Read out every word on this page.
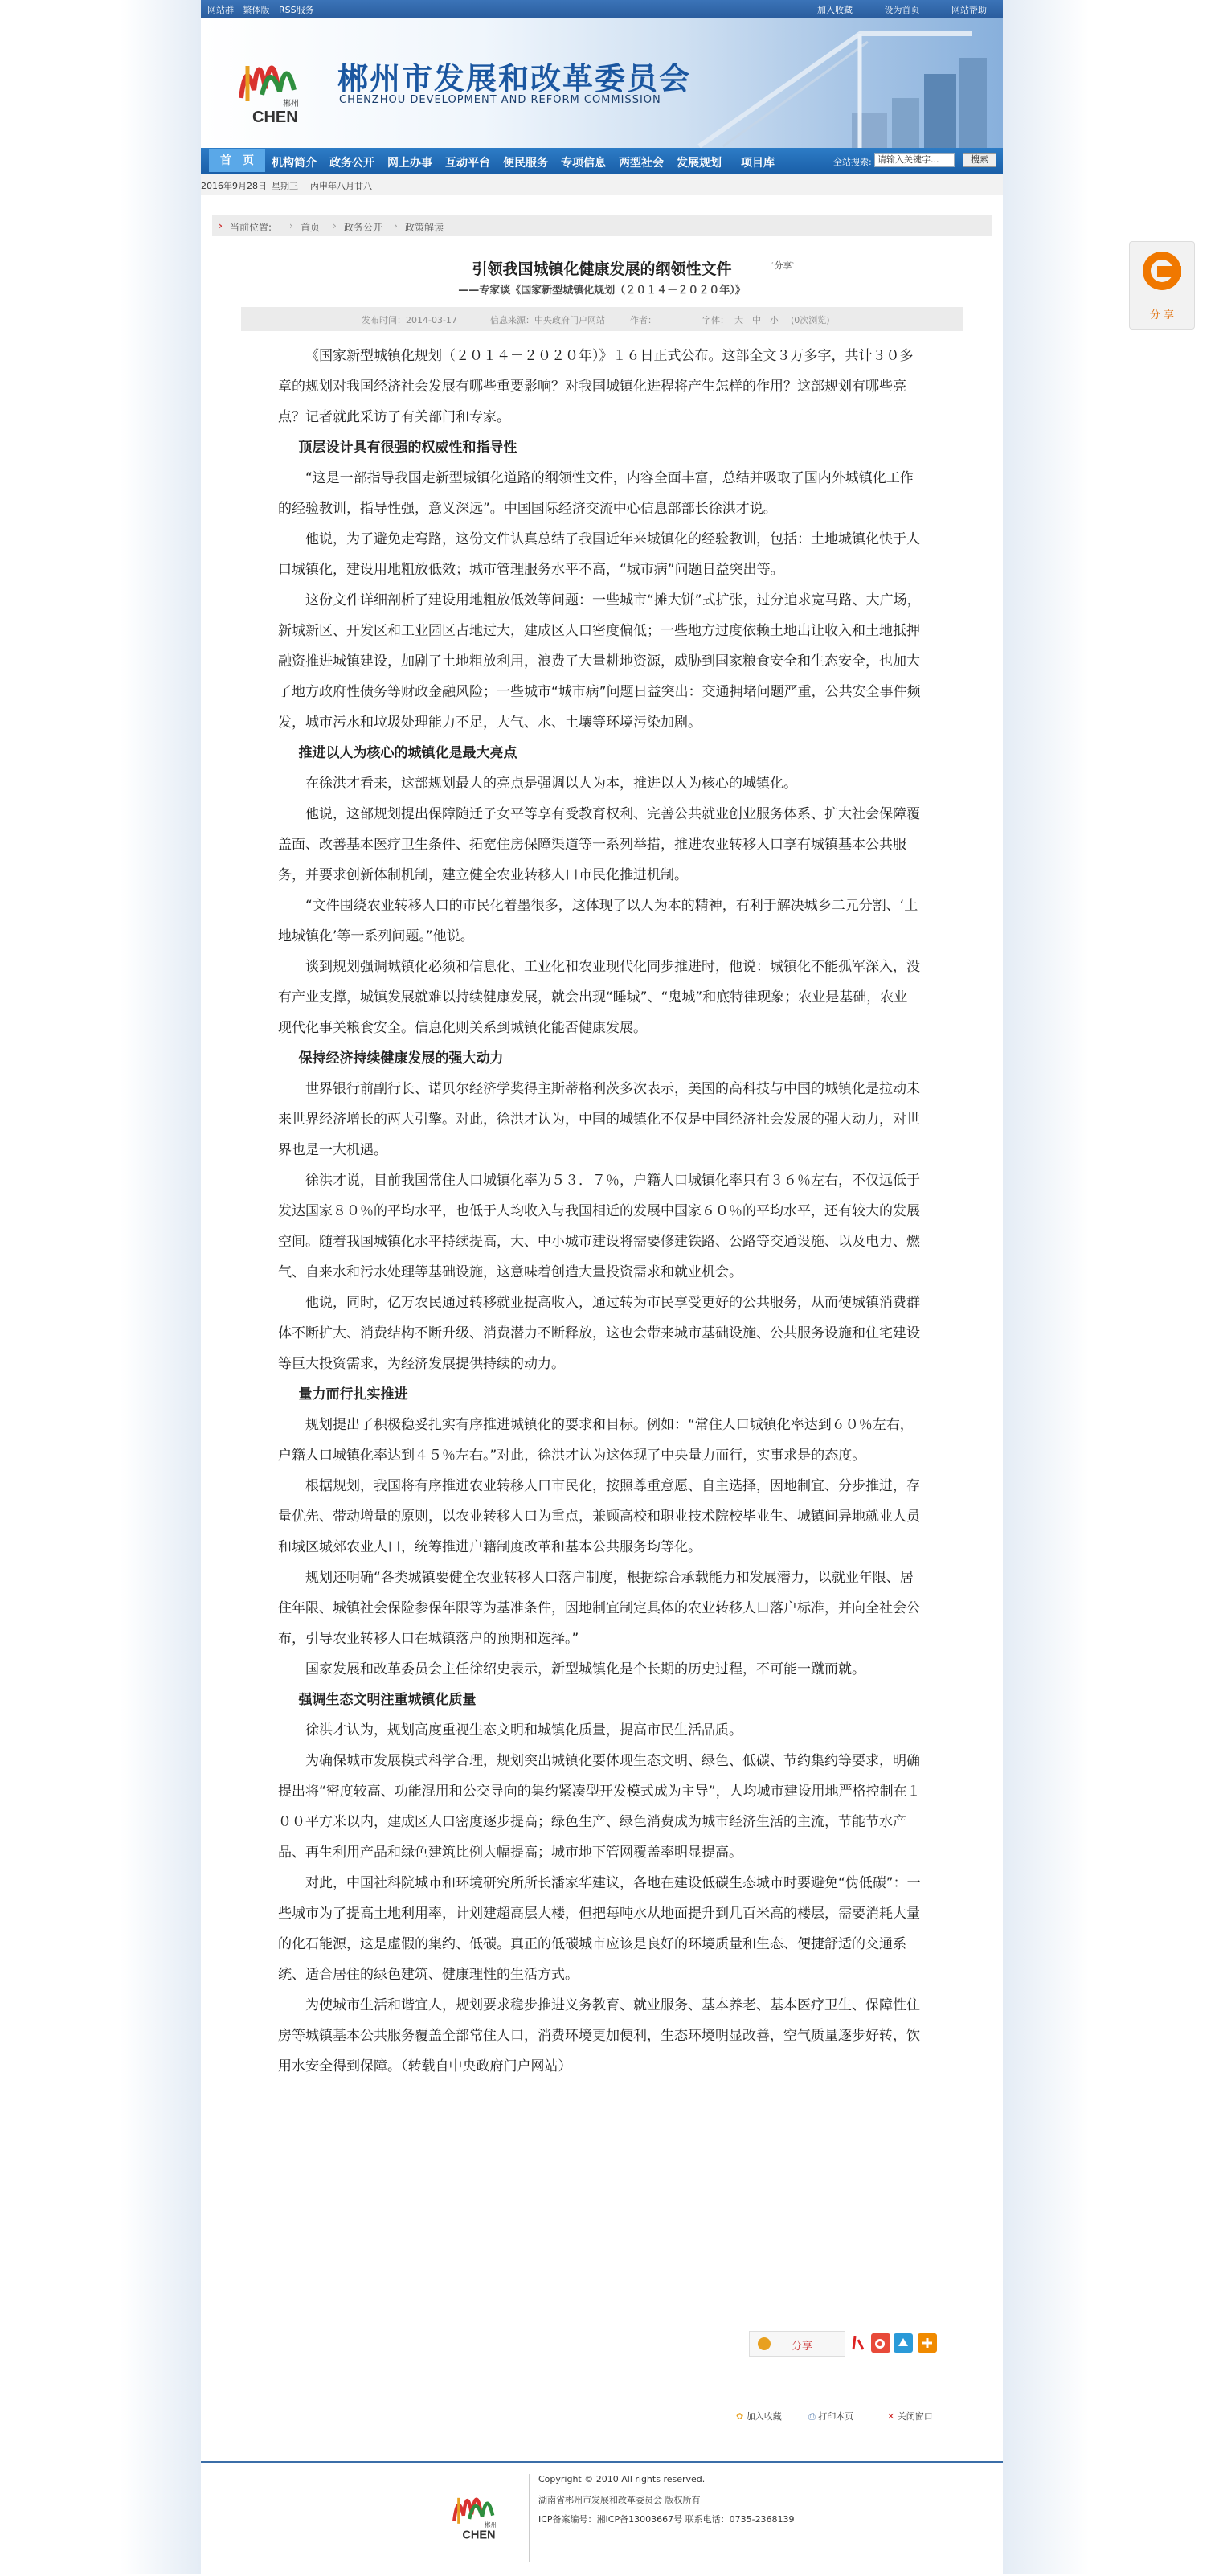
网站群 繁体版 RSS服务	加入收藏	设为首页	网站帮助
郴州
CHEN
郴州市发展和改革委员会
CHENZHOU DEVELOPMENT AND REFORM COMMISSION
首　页	机构简介 政务公开 网上办事 互动平台 便民服务 专项信息 两型社会 发展规划 项目库	全站搜索: 请输入关键字...	搜索
2016年9月28日 星期三 丙申年八月廿八
› 当前位置: › 首页 › 政务公开 › 政策解读
引领我国城镇化健康发展的纲领性文件	ʿ分享ʾ
——专家谈《国家新型城镇化规划（２０１４－２０２０年）》
发布时间：2014-03-17	信息来源：中央政府门户网站	作者：	字体： 大 中 小 (0次浏览)

《国家新型城镇化规划（２０１４－２０２０年）》１６日正式公布。这部全文３万多字，共计３０多章的规划对我国经济社会发展有哪些重要影响？对我国城镇化进程将产生怎样的作用？这部规划有哪些亮点？记者就此采访了有关部门和专家。

顶层设计具有很强的权威性和指导性

“这是一部指导我国走新型城镇化道路的纲领性文件，内容全面丰富，总结并吸取了国内外城镇化工作的经验教训，指导性强，意义深远”。中国国际经济交流中心信息部部长徐洪才说。

他说，为了避免走弯路，这份文件认真总结了我国近年来城镇化的经验教训，包括：土地城镇化快于人口城镇化，建设用地粗放低效；城市管理服务水平不高，“城市病”问题日益突出等。

这份文件详细剖析了建设用地粗放低效等问题：一些城市“摊大饼”式扩张，过分追求宽马路、大广场，新城新区、开发区和工业园区占地过大，建成区人口密度偏低；一些地方过度依赖土地出让收入和土地抵押融资推进城镇建设，加剧了土地粗放利用，浪费了大量耕地资源，威胁到国家粮食安全和生态安全，也加大了地方政府性债务等财政金融风险；一些城市“城市病”问题日益突出：交通拥堵问题严重，公共安全事件频发，城市污水和垃圾处理能力不足，大气、水、土壤等环境污染加剧。

推进以人为核心的城镇化是最大亮点

在徐洪才看来，这部规划最大的亮点是强调以人为本，推进以人为核心的城镇化。

他说，这部规划提出保障随迁子女平等享有受教育权利、完善公共就业创业服务体系、扩大社会保障覆盖面、改善基本医疗卫生条件、拓宽住房保障渠道等一系列举措，推进农业转移人口享有城镇基本公共服务，并要求创新体制机制，建立健全农业转移人口市民化推进机制。

“文件围绕农业转移人口的市民化着墨很多，这体现了以人为本的精神，有利于解决城乡二元分割、‘土地城镇化’等一系列问题。”他说。

谈到规划强调城镇化必须和信息化、工业化和农业现代化同步推进时，他说：城镇化不能孤军深入，没有产业支撑，城镇发展就难以持续健康发展，就会出现“睡城”、“鬼城”和底特律现象；农业是基础，农业现代化事关粮食安全。信息化则关系到城镇化能否健康发展。

保持经济持续健康发展的强大动力

世界银行前副行长、诺贝尔经济学奖得主斯蒂格利茨多次表示，美国的高科技与中国的城镇化是拉动未来世界经济增长的两大引擎。对此，徐洪才认为，中国的城镇化不仅是中国经济社会发展的强大动力，对世界也是一大机遇。

徐洪才说，目前我国常住人口城镇化率为５３．７％，户籍人口城镇化率只有３６％左右，不仅远低于发达国家８０％的平均水平，也低于人均收入与我国相近的发展中国家６０％的平均水平，还有较大的发展空间。随着我国城镇化水平持续提高，大、中小城市建设将需要修建铁路、公路等交通设施、以及电力、燃气、自来水和污水处理等基础设施，这意味着创造大量投资需求和就业机会。

他说，同时，亿万农民通过转移就业提高收入，通过转为市民享受更好的公共服务，从而使城镇消费群体不断扩大、消费结构不断升级、消费潜力不断释放，这也会带来城市基础设施、公共服务设施和住宅建设等巨大投资需求，为经济发展提供持续的动力。

量力而行扎实推进

规划提出了积极稳妥扎实有序推进城镇化的要求和目标。例如：“常住人口城镇化率达到６０％左右，户籍人口城镇化率达到４５％左右。”对此，徐洪才认为这体现了中央量力而行，实事求是的态度。

根据规划，我国将有序推进农业转移人口市民化，按照尊重意愿、自主选择，因地制宜、分步推进，存量优先、带动增量的原则，以农业转移人口为重点，兼顾高校和职业技术院校毕业生、城镇间异地就业人员和城区城郊农业人口，统筹推进户籍制度改革和基本公共服务均等化。

规划还明确“各类城镇要健全农业转移人口落户制度，根据综合承载能力和发展潜力，以就业年限、居住年限、城镇社会保险参保年限等为基准条件，因地制宜制定具体的农业转移人口落户标准，并向全社会公布，引导农业转移人口在城镇落户的预期和选择。”

国家发展和改革委员会主任徐绍史表示，新型城镇化是个长期的历史过程，不可能一蹴而就。

强调生态文明注重城镇化质量

徐洪才认为，规划高度重视生态文明和城镇化质量，提高市民生活品质。

为确保城市发展模式科学合理，规划突出城镇化要体现生态文明、绿色、低碳、节约集约等要求，明确提出将“密度较高、功能混用和公交导向的集约紧凑型开发模式成为主导”，人均城市建设用地严格控制在１００平方米以内，建成区人口密度逐步提高；绿色生产、绿色消费成为城市经济生活的主流，节能节水产品、再生利用产品和绿色建筑比例大幅提高；城市地下管网覆盖率明显提高。

对此，中国社科院城市和环境研究所所长潘家华建议，各地在建设低碳生态城市时要避免“伪低碳”：一些城市为了提高土地利用率，计划建超高层大楼，但把每吨水从地面提升到几百米高的楼层，需要消耗大量的化石能源，这是虚假的集约、低碳。真正的低碳城市应该是良好的环境质量和生态、便捷舒适的交通系统、适合居住的绿色建筑、健康理性的生活方式。

为使城市生活和谐宜人，规划要求稳步推进义务教育、就业服务、基本养老、基本医疗卫生、保障性住房等城镇基本公共服务覆盖全部常住人口，消费环境更加便利，生态环境明显改善，空气质量逐步好转，饮用水安全得到保障。（转载自中央政府门户网站）

分享
✿ 加入收藏	⎙ 打印本页	✕ 关闭窗口
郴州
CHEN
Copyright © 2010 All rights reserved.
湖南省郴州市发展和改革委员会 版权所有
ICP备案编号：湘ICP备13003667号 联系电话：0735-2368139
分 享
